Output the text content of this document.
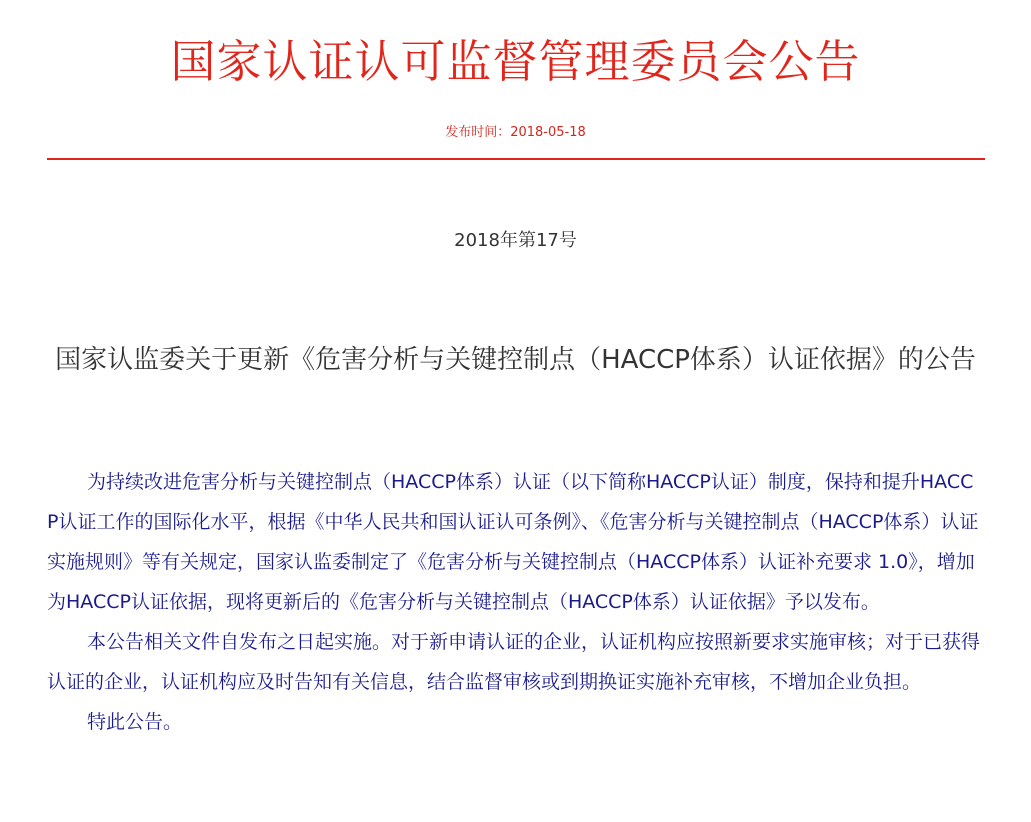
国家认证认可监督管理委员会公告
发布时间：2018-05-18
2018年第17号
国家认监委关于更新《危害分析与关键控制点（HACCP体系）认证依据》的公告

为持续改进危害分析与关键控制点（HACCP体系）认证（以下简称HACCP认证）制度，保持和提升HACCP认证工作的国际化水平，根据《中华人民共和国认证认可条例》、《危害分析与关键控制点（HACCP体系）认证实施规则》等有关规定，国家认监委制定了《危害分析与关键控制点（HACCP体系）认证补充要求 1.0》，增加为HACCP认证依据，现将更新后的《危害分析与关键控制点（HACCP体系）认证依据》予以发布。

本公告相关文件自发布之日起实施。对于新申请认证的企业，认证机构应按照新要求实施审核；对于已获得认证的企业，认证机构应及时告知有关信息，结合监督审核或到期换证实施补充审核，不增加企业负担。

特此公告。
